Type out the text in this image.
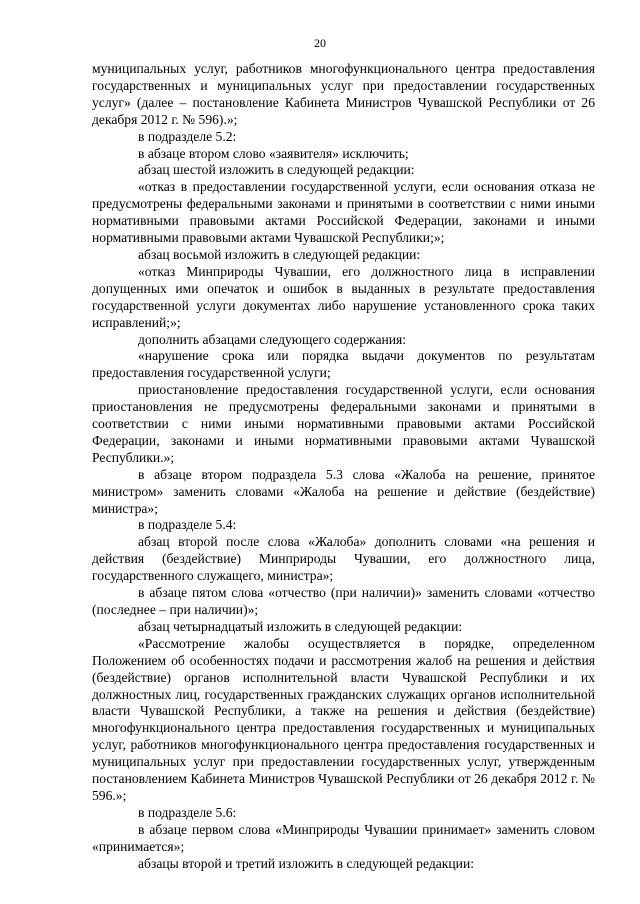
20

муниципальных услуг, работников многофункционального центра предоставления государственных и муниципальных услуг при предоставлении государственных услуг» (далее – постановление Кабинета Министров Чувашской Республики от 26 декабря 2012 г. № 596).»;

в подразделе 5.2:

в абзаце втором слово «заявителя» исключить;

абзац шестой изложить в следующей редакции:

«отказ в предоставлении государственной услуги, если основания отказа не предусмотрены федеральными законами и принятыми в соответствии с ними иными нормативными правовыми актами Российской Федерации, законами и иными нормативными правовыми актами Чувашской Республики;»;

абзац восьмой изложить в следующей редакции:

«отказ Минприроды Чувашии, его должностного лица в исправлении допущенных ими опечаток и ошибок в выданных в результате предоставления государственной услуги документах либо нарушение установленного срока таких исправлений;»;

дополнить абзацами следующего содержания:

«нарушение срока или порядка выдачи документов по результатам предоставления государственной услуги;

приостановление предоставления государственной услуги, если основания приостановления не предусмотрены федеральными законами и принятыми в соответствии с ними иными нормативными правовыми актами Российской Федерации, законами и иными нормативными правовыми актами Чувашской Республики.»;

в абзаце втором подраздела 5.3 слова «Жалоба на решение, принятое министром» заменить словами «Жалоба на решение и действие (бездействие) министра»;

в подразделе 5.4:

абзац второй после слова «Жалоба» дополнить словами «на решения и действия (бездействие) Минприроды Чувашии, его должностного лица, государственного служащего, министра»;

в абзаце пятом слова «отчество (при наличии)» заменить словами «отчество (последнее – при наличии)»;

абзац четырнадцатый изложить в следующей редакции:

«Рассмотрение жалобы осуществляется в порядке, определенном Положением об особенностях подачи и рассмотрения жалоб на решения и действия (бездействие) органов исполнительной власти Чувашской Республики и их должностных лиц, государственных гражданских служащих органов исполнительной власти Чувашской Республики, а также на решения и действия (бездействие) многофункционального центра предоставления государственных и муниципальных услуг, работников многофункционального центра предоставления государственных и муниципальных услуг при предоставлении государственных услуг, утвержденным постановлением Кабинета Министров Чувашской Республики от 26 декабря 2012 г. № 596.»;

в подразделе 5.6:

в абзаце первом слова «Минприроды Чувашии принимает» заменить словом «принимается»;

абзацы второй и третий изложить в следующей редакции:
